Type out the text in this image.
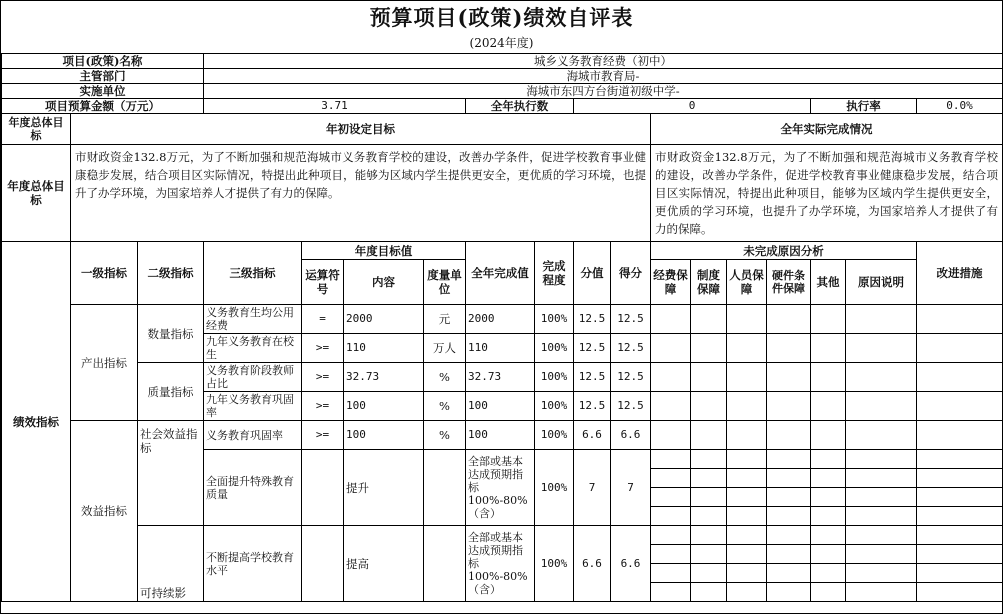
预算项目(政策)绩效自评表
(2024年度)
项目(政策)名称			城乡义务教育经费（初中）														
主管部门			海城市教育局-														
实施单位			海城市东四方台街道初级中学-														
项目预算金额（万元）			3.71				全年执行数		0						执行率		0.0%
年度总体目标	年初设定目标										全年实际完成情况						
年度总体目标	市财政资金132.8万元，为了不断加强和规范海城市义务教育学校的建设，改善办学条件，促进学校教育事业健康稳步发展，结合项目区实际情况，特提出此种项目，能够为区域内学生提供更安全，更优质的学习环境，也提升了办学环境，为国家培养人才提供了有力的保障。										市财政资金132.8万元，为了不断加强和规范海城市义务教育学校的建设，改善办学条件，促进学校教育事业健康稳步发展，结合项目区实际情况，特提出此种项目，能够为区域内学生提供更安全，更优质的学习环境，也提升了办学环境，为国家培养人才提供了有力的保障。						
绩效指标	一级指标	二级指标	三级指标	年度目标值			全年完成值	完成程度	分值	得分	未完成原因分析						改进措施
				运算符号	内容	度量单位					经费保障	制度保障	人员保障	硬件条件保障	其他	原因说明	
	产出指标	数量指标	义务教育生均公用经费	=	2000	元	2000	100%	12.5	12.5							
			九年义务教育在校生	>=	110	万人	110	100%	12.5	12.5							
		质量指标	义务教育阶段教师占比	>=	32.73	%	32.73	100%	12.5	12.5							
			九年义务教育巩固率	>=	100	%	100	100%	12.5	12.5							
	效益指标	社会效益指标	义务教育巩固率	>=	100	%	100	100%	6.6	6.6							
			全面提升特殊教育质量		提升		全部或基本达成预期指标100%-80%（含）	100%	7	7							

		可持续影	不断提高学校教育水平		提高		全部或基本达成预期指标100%-80%（含）	100%	6.6	6.6							
